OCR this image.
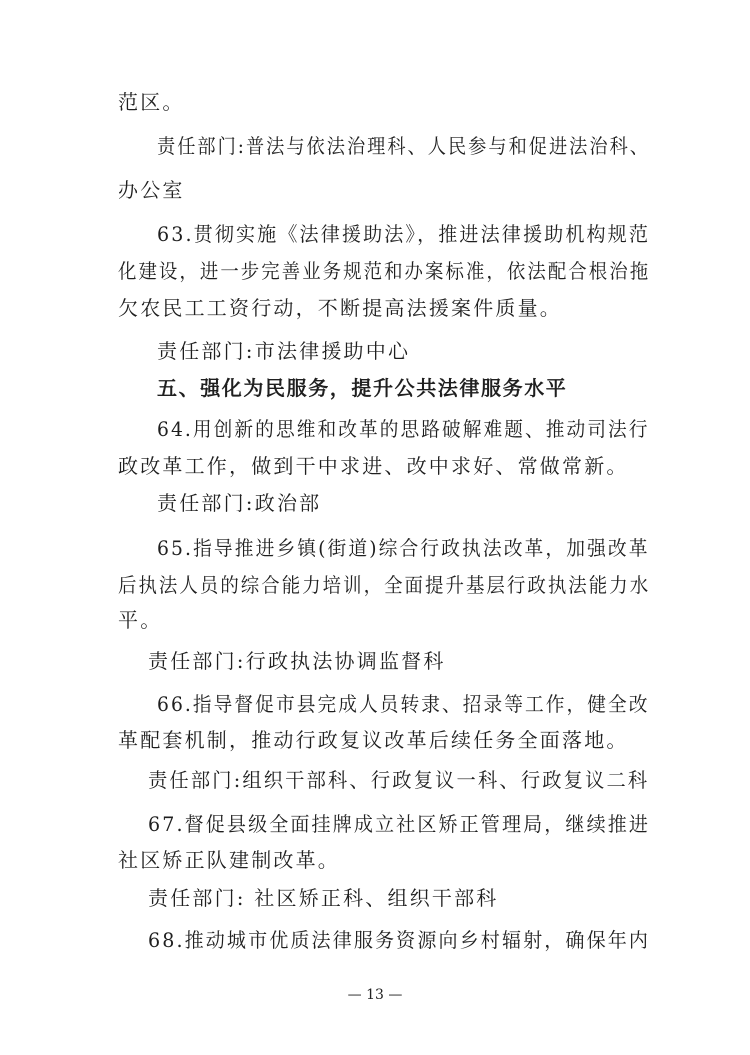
范区。
责任部门:普法与依法治理科、人民参与和促进法治科、
办公室
63.贯彻实施《法律援助法》，推进法律援助机构规范
化建设，进一步完善业务规范和办案标准，依法配合根治拖
欠农民工工资行动，不断提高法援案件质量。
责任部门:市法律援助中心
五、强化为民服务，提升公共法律服务水平
64.用创新的思维和改革的思路破解难题、推动司法行
政改革工作，做到干中求进、改中求好、常做常新。
责任部门:政治部
65.指导推进乡镇(街道)综合行政执法改革，加强改革
后执法人员的综合能力培训，全面提升基层行政执法能力水
平。
责任部门:行政执法协调监督科
66.指导督促市县完成人员转隶、招录等工作，健全改
革配套机制，推动行政复议改革后续任务全面落地。
责任部门:组织干部科、行政复议一科、行政复议二科
67.督促县级全面挂牌成立社区矫正管理局，继续推进
社区矫正队建制改革。
责任部门: 社区矫正科、组织干部科
68.推动城市优质法律服务资源向乡村辐射，确保年内
— 13 —
